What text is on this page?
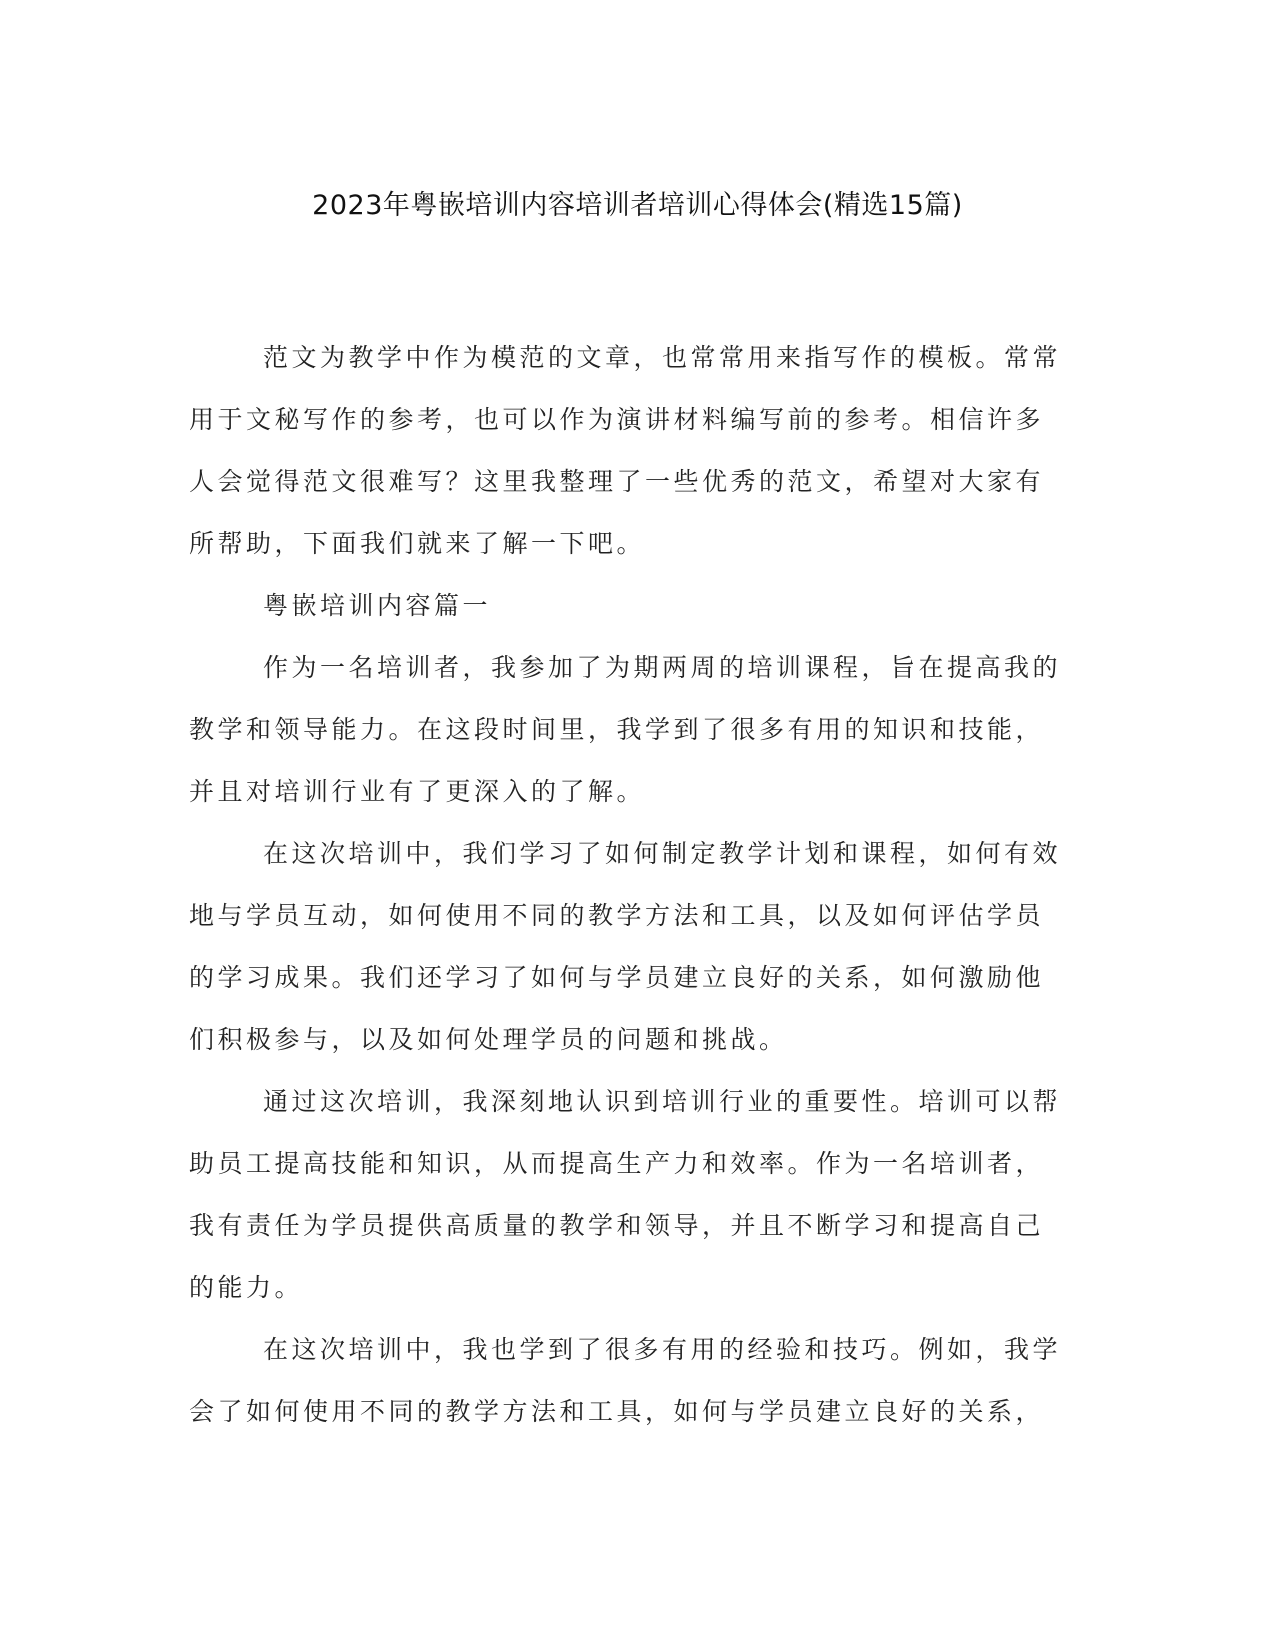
2023年粤嵌培训内容培训者培训心得体会(精选15篇)
范文为教学中作为模范的文章，也常常用来指写作的模板。常常
用于文秘写作的参考，也可以作为演讲材料编写前的参考。相信许多
人会觉得范文很难写？这里我整理了一些优秀的范文，希望对大家有
所帮助，下面我们就来了解一下吧。
粤嵌培训内容篇一
作为一名培训者，我参加了为期两周的培训课程，旨在提高我的
教学和领导能力。在这段时间里，我学到了很多有用的知识和技能，
并且对培训行业有了更深入的了解。
在这次培训中，我们学习了如何制定教学计划和课程，如何有效
地与学员互动，如何使用不同的教学方法和工具，以及如何评估学员
的学习成果。我们还学习了如何与学员建立良好的关系，如何激励他
们积极参与，以及如何处理学员的问题和挑战。
通过这次培训，我深刻地认识到培训行业的重要性。培训可以帮
助员工提高技能和知识，从而提高生产力和效率。作为一名培训者，
我有责任为学员提供高质量的教学和领导，并且不断学习和提高自己
的能力。
在这次培训中，我也学到了很多有用的经验和技巧。例如，我学
会了如何使用不同的教学方法和工具，如何与学员建立良好的关系，
